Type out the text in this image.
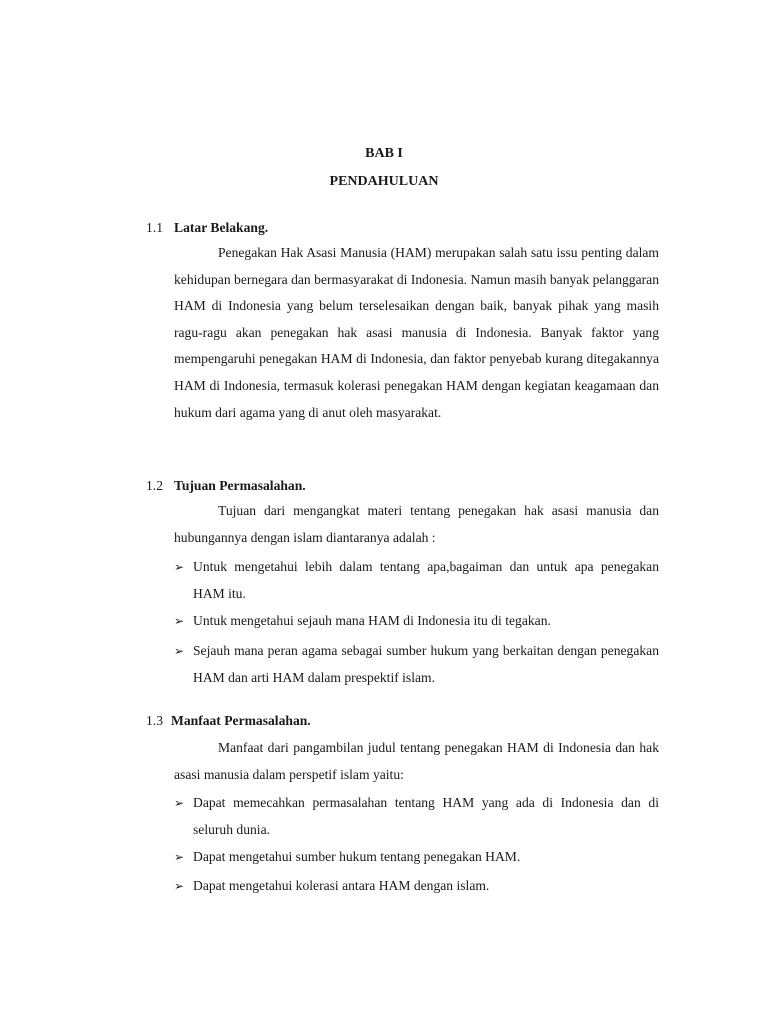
BAB I
PENDAHULUAN
1.1 Latar Belakang.
Penegakan Hak Asasi Manusia (HAM) merupakan salah satu issu penting dalam kehidupan bernegara dan bermasyarakat di Indonesia. Namun masih banyak pelanggaran HAM di Indonesia yang belum terselesaikan dengan baik, banyak pihak yang masih ragu-ragu akan penegakan hak asasi manusia di Indonesia. Banyak faktor yang mempengaruhi penegakan HAM di Indonesia, dan faktor penyebab kurang ditegakannya HAM di Indonesia, termasuk kolerasi penegakan HAM dengan kegiatan keagamaan dan hukum dari agama yang di anut oleh masyarakat.
1.2 Tujuan Permasalahan.
Tujuan dari mengangkat materi tentang penegakan hak asasi manusia dan hubungannya dengan islam diantaranya adalah :
➢ Untuk mengetahui lebih dalam tentang apa,bagaiman dan untuk apa penegakan HAM itu.
➢ Untuk mengetahui sejauh mana HAM di Indonesia itu di tegakan.
➢ Sejauh mana peran agama sebagai sumber hukum yang berkaitan dengan penegakan HAM dan arti HAM dalam prespektif islam.
1.3 Manfaat Permasalahan.
Manfaat dari pangambilan judul tentang penegakan HAM di Indonesia dan hak asasi manusia dalam perspetif islam yaitu:
➢ Dapat memecahkan permasalahan tentang HAM yang ada di Indonesia dan di seluruh dunia.
➢ Dapat mengetahui sumber hukum tentang penegakan HAM.
➢ Dapat mengetahui kolerasi antara HAM dengan islam.
